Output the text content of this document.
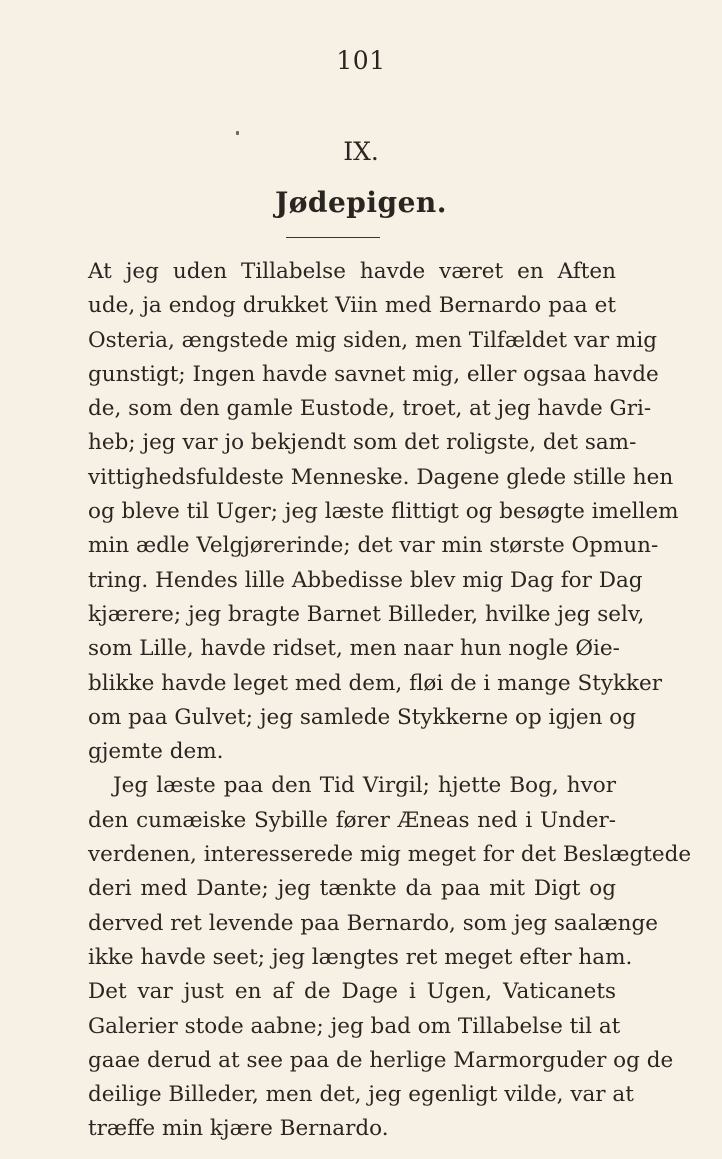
101
IX.
Jødepigen.
At jeg uden Tillabelse havde været en Aften
ude, ja endog drukket Viin med Bernardo paa et
Osteria, ængstede mig siden, men Tilfældet var mig
gunstigt; Ingen havde savnet mig, eller ogsaa havde
de, som den gamle Eustode, troet, at jeg havde Gri-
heb; jeg var jo bekjendt som det roligste, det sam-
vittighedsfuldeste Menneske. Dagene glede stille hen
og bleve til Uger; jeg læste flittigt og besøgte imellem
min ædle Velgjørerinde; det var min største Opmun-
tring. Hendes lille Abbedisse blev mig Dag for Dag
kjærere; jeg bragte Barnet Billeder, hvilke jeg selv,
som Lille, havde ridset, men naar hun nogle Øie-
blikke havde leget med dem, fløi de i mange Stykker
om paa Gulvet; jeg samlede Stykkerne op igjen og
gjemte dem.
Jeg læste paa den Tid Virgil; hjette Bog, hvor
den cumæiske Sybille fører Æneas ned i Under-
verdenen, interesserede mig meget for det Beslægtede
deri med Dante; jeg tænkte da paa mit Digt og
derved ret levende paa Bernardo, som jeg saalænge
ikke havde seet; jeg længtes ret meget efter ham.
Det var just en af de Dage i Ugen, Vaticanets
Galerier stode aabne; jeg bad om Tillabelse til at
gaae derud at see paa de herlige Marmorguder og de
deilige Billeder, men det, jeg egenligt vilde, var at
træffe min kjære Bernardo.
